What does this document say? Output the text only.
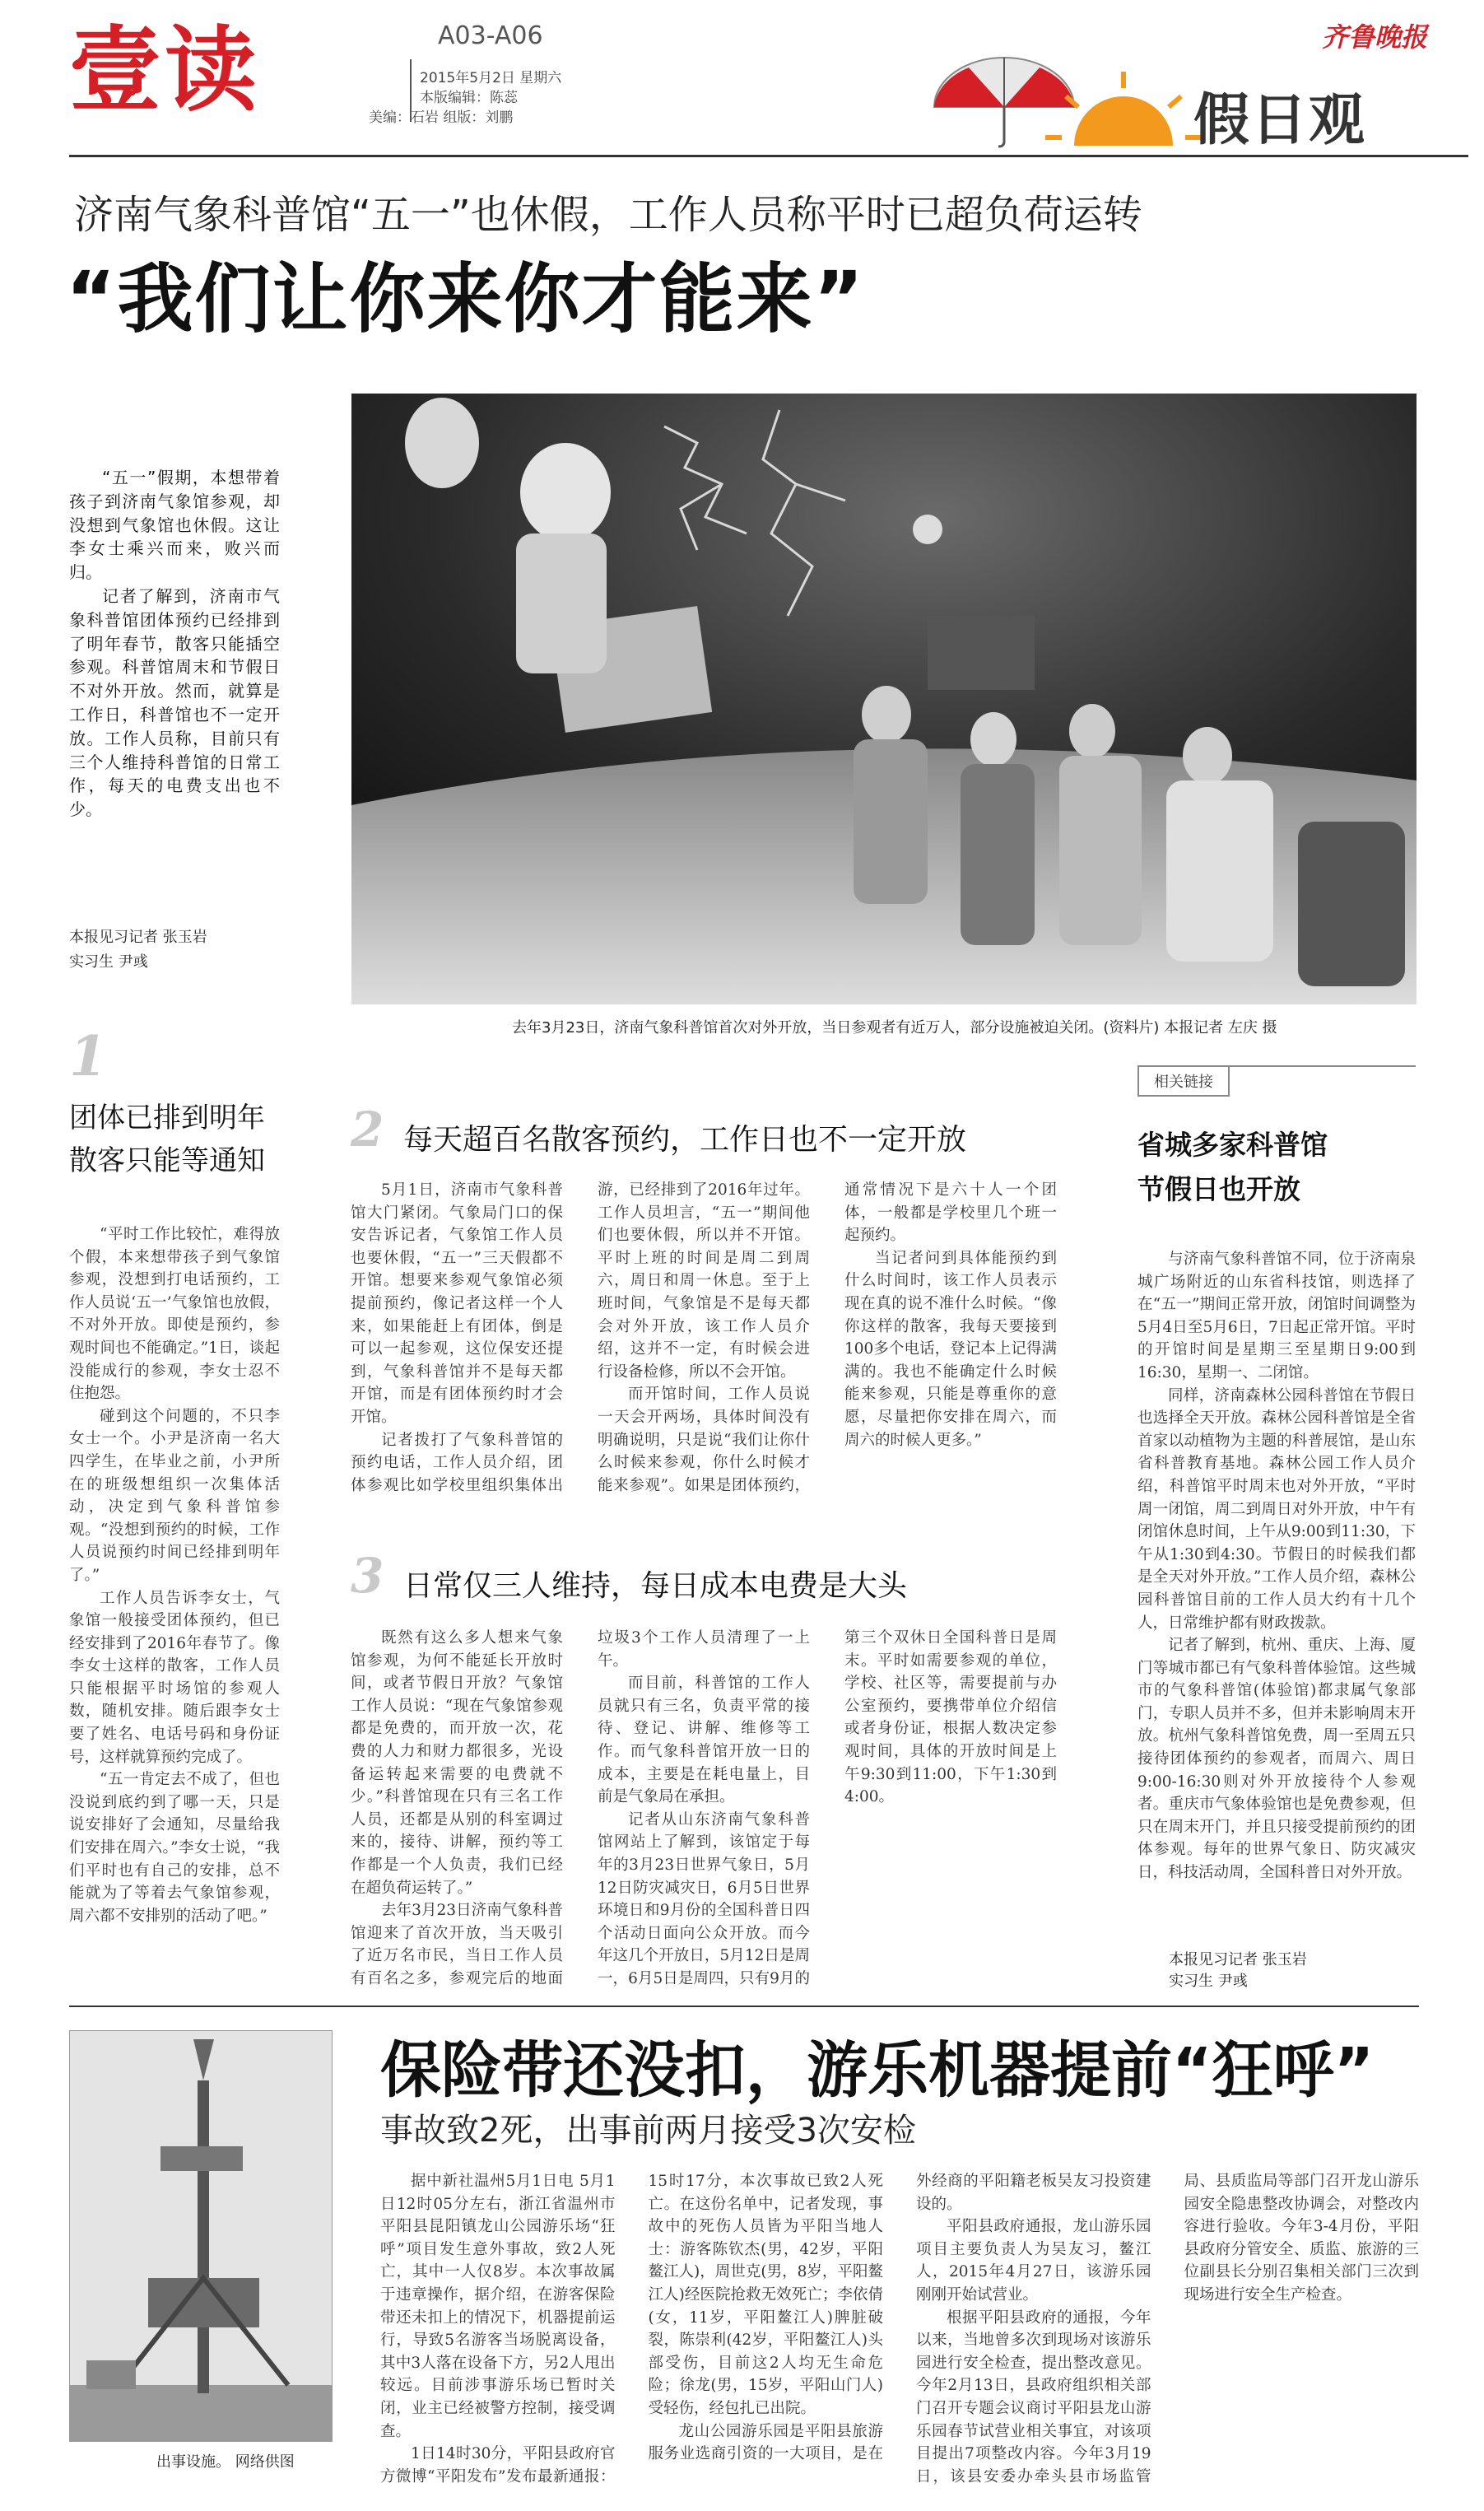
壹读	A03-A06
2015年5月2日 星期六
本版编辑：陈蕊
美编：石岩 组版：刘鹏
齐鲁晚报
假日观
济南气象科普馆“五一”也休假，工作人员称平时已超负荷运转
“我们让你来你才能来”

“五一”假期，本想带着孩子到济南气象馆参观，却没想到气象馆也休假。这让李女士乘兴而来，败兴而归。

记者了解到，济南市气象科普馆团体预约已经排到了明年春节，散客只能插空参观。科普馆周末和节假日不对外开放。然而，就算是工作日，科普馆也不一定开放。工作人员称，目前只有三个人维持科普馆的日常工作，每天的电费支出也不少。

本报见习记者 张玉岩
实习生 尹彧
去年3月23日，济南气象科普馆首次对外开放，当日参观者有近万人，部分设施被迫关闭。(资料片) 本报记者 左庆 摄
1
团体已排到明年
散客只能等通知

“平时工作比较忙，难得放个假，本来想带孩子到气象馆参观，没想到打电话预约，工作人员说‘五一’气象馆也放假，不对外开放。即使是预约，参观时间也不能确定。”1日，谈起没能成行的参观，李女士忍不住抱怨。

碰到这个问题的，不只李女士一个。小尹是济南一名大四学生，在毕业之前，小尹所在的班级想组织一次集体活动，决定到气象科普馆参观。“没想到预约的时候，工作人员说预约时间已经排到明年了。”

工作人员告诉李女士，气象馆一般接受团体预约，但已经安排到了2016年春节了。像李女士这样的散客，工作人员只能根据平时场馆的参观人数，随机安排。随后跟李女士要了姓名、电话号码和身份证号，这样就算预约完成了。

“五一肯定去不成了，但也没说到底约到了哪一天，只是说安排好了会通知，尽量给我们安排在周六。”李女士说，“我们平时也有自己的安排，总不能就为了等着去气象馆参观，周六都不安排别的活动了吧。”

2 每天超百名散客预约，工作日也不一定开放

5月1日，济南市气象科普馆大门紧闭。气象局门口的保安告诉记者，气象馆工作人员也要休假，“五一”三天假都不开馆。想要来参观气象馆必须提前预约，像记者这样一个人来，如果能赶上有团体，倒是可以一起参观，这位保安还提到，气象科普馆并不是每天都开馆，而是有团体预约时才会开馆。

记者拨打了气象科普馆的预约电话，工作人员介绍，团体参观比如学校里组织集体出游，已经排到了2016年过年。工作人员坦言，“五一”期间他们也要休假，所以并不开馆。平时上班的时间是周二到周六，周日和周一休息。至于上班时间，气象馆是不是每天都会对外开放，该工作人员介绍，这并不一定，有时候会进行设备检修，所以不会开馆。

而开馆时间，工作人员说一天会开两场，具体时间没有明确说明，只是说“我们让你什么时候来参观，你什么时候才能来参观”。如果是团体预约，通常情况下是六十人一个团体，一般都是学校里几个班一起预约。

当记者问到具体能预约到什么时间时，该工作人员表示现在真的说不准什么时候。“像你这样的散客，我每天要接到100多个电话，登记本上记得满满的。我也不能确定什么时候能来参观，只能是尊重你的意愿，尽量把你安排在周六，而周六的时候人更多。”

3 日常仅三人维持，每日成本电费是大头

既然有这么多人想来气象馆参观，为何不能延长开放时间，或者节假日开放？气象馆工作人员说：“现在气象馆参观都是免费的，而开放一次，花费的人力和财力都很多，光设备运转起来需要的电费就不少。”科普馆现在只有三名工作人员，还都是从别的科室调过来的，接待、讲解，预约等工作都是一个人负责，我们已经在超负荷运转了。”

去年3月23日济南气象科普馆迎来了首次开放，当天吸引了近万名市民，当日工作人员有百名之多，参观完后的地面垃圾3个工作人员清理了一上午。

而目前，科普馆的工作人员就只有三名，负责平常的接待、登记、讲解、维修等工作。而气象科普馆开放一日的成本，主要是在耗电量上，目前是气象局在承担。

记者从山东济南气象科普馆网站上了解到，该馆定于每年的3月23日世界气象日，5月12日防灾减灾日，6月5日世界环境日和9月份的全国科普日四个活动日面向公众开放。而今年这几个开放日，5月12日是周一，6月5日是周四，只有9月的第三个双休日全国科普日是周末。平时如需要参观的单位，学校、社区等，需要提前与办公室预约，要携带单位介绍信或者身份证，根据人数决定参观时间，具体的开放时间是上午9:30到11:00，下午1:30到4:00。

相关链接
省城多家科普馆
节假日也开放

与济南气象科普馆不同，位于济南泉城广场附近的山东省科技馆，则选择了在“五一”期间正常开放，闭馆时间调整为5月4日至5月6日，7日起正常开馆。平时的开馆时间是星期三至星期日9:00到16:30，星期一、二闭馆。

同样，济南森林公园科普馆在节假日也选择全天开放。森林公园科普馆是全省首家以动植物为主题的科普展馆，是山东省科普教育基地。森林公园工作人员介绍，科普馆平时周末也对外开放，“平时周一闭馆，周二到周日对外开放，中午有闭馆休息时间，上午从9:00到11:30，下午从1:30到4:30。节假日的时候我们都是全天对外开放。”工作人员介绍，森林公园科普馆目前的工作人员大约有十几个人，日常维护都有财政拨款。

记者了解到，杭州、重庆、上海、厦门等城市都已有气象科普体验馆。这些城市的气象科普馆(体验馆)都隶属气象部门，专职人员并不多，但并未影响周末开放。杭州气象科普馆免费，周一至周五只接待团体预约的参观者，而周六、周日9:00-16:30则对外开放接待个人参观者。重庆市气象体验馆也是免费参观，但只在周末开门，并且只接受提前预约的团体参观。每年的世界气象日、防灾减灾日，科技活动周，全国科普日对外开放。

本报见习记者 张玉岩
实习生 尹彧
出事设施。 网络供图
保险带还没扣，游乐机器提前“狂呼”
事故致2死，出事前两月接受3次安检

据中新社温州5月1日电 5月1日12时05分左右，浙江省温州市平阳县昆阳镇龙山公园游乐场“狂呼”项目发生意外事故，致2人死亡，其中一人仅8岁。本次事故属于违章操作，据介绍，在游客保险带还未扣上的情况下，机器提前运行，导致5名游客当场脱离设备，其中3人落在设备下方，另2人甩出较远。目前涉事游乐场已暂时关闭，业主已经被警方控制，接受调查。

1日14时30分，平阳县政府官方微博“平阳发布”发布最新通报：15时17分，本次事故已致2人死亡。在这份名单中，记者发现，事故中的死伤人员皆为平阳当地人士：游客陈钦杰(男，42岁，平阳鳌江人)，周世克(男，8岁，平阳鳌江人)经医院抢救无效死亡；李依倩(女，11岁，平阳鳌江人)脾脏破裂，陈崇利(42岁，平阳鳌江人)头部受伤，目前这2人均无生命危险；徐龙(男，15岁，平阳山门人)受轻伤，经包扎已出院。

龙山公园游乐园是平阳县旅游服务业选商引资的一大项目，是在外经商的平阳籍老板吴友习投资建设的。

平阳县政府通报，龙山游乐园项目主要负责人为吴友习，鳌江人，2015年4月27日，该游乐园刚刚开始试营业。

根据平阳县政府的通报，今年以来，当地曾多次到现场对该游乐园进行安全检查，提出整改意见。今年2月13日，县政府组织相关部门召开专题会议商讨平阳县龙山游乐园春节试营业相关事宜，对该项目提出7项整改内容。今年3月19日，该县安委办牵头县市场监管局、县质监局等部门召开龙山游乐园安全隐患整改协调会，对整改内容进行验收。今年3-4月份，平阳县政府分管安全、质监、旅游的三位副县长分别召集相关部门三次到现场进行安全生产检查。
